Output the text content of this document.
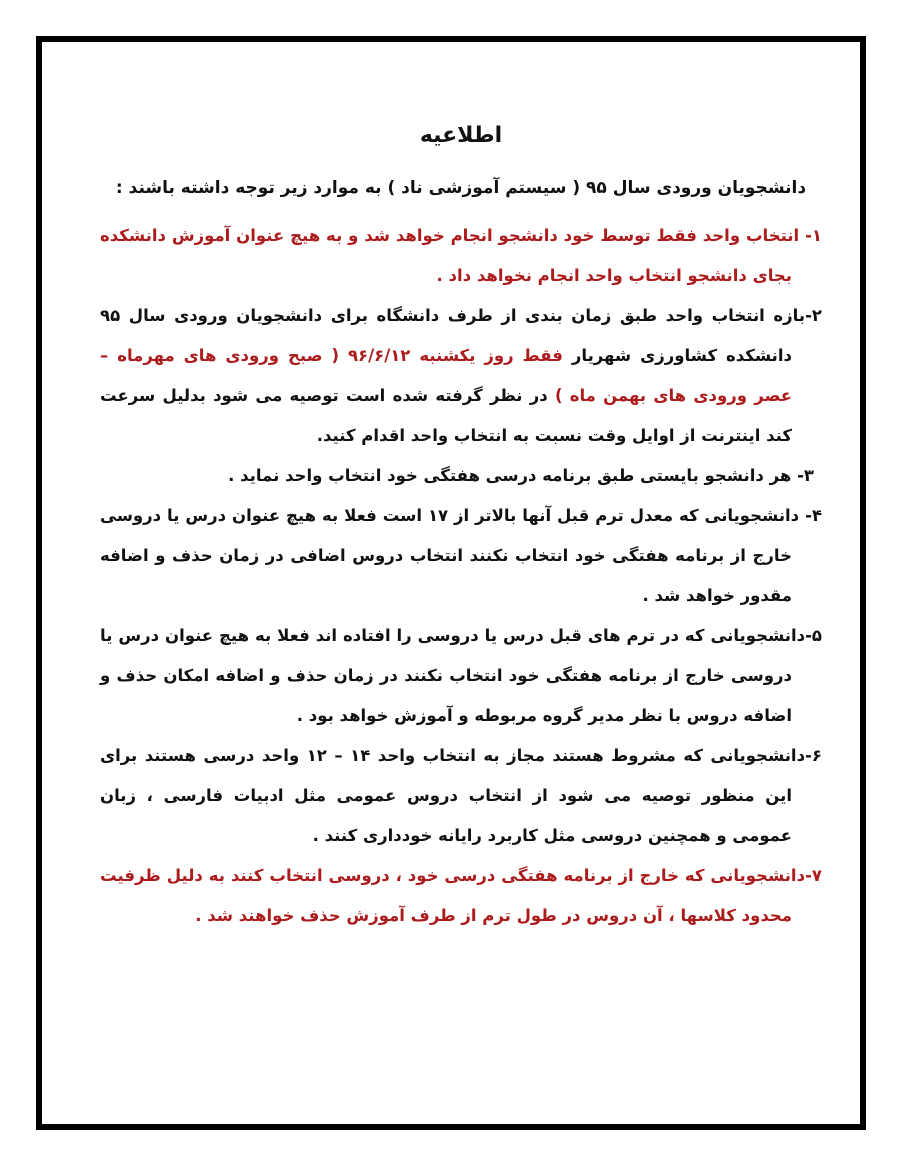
اطلاعیه
دانشجویان ورودی سال ۹۵ ( سیستم آموزشی ناد ) به موارد زیر توجه داشته باشند :
۱- انتخاب واحد فقط توسط خود دانشجو انجام خواهد شد و به هیچ عنوان آموزش دانشکده بجای دانشجو انتخاب واحد انجام نخواهد داد .
۲-بازه انتخاب واحد طبق زمان بندی از طرف دانشگاه برای دانشجویان ورودی سال ۹۵ دانشکده کشاورزی شهریار فقط روز یکشنبه ۹۶/۶/۱۲ ( صبح ورودی های مهرماه – عصر ورودی های بهمن ماه ) در نظر گرفته شده است توصیه می شود بدلیل سرعت کند اینترنت از اوایل وقت نسبت به انتخاب واحد اقدام کنید.
۳- هر دانشجو بایستی طبق برنامه درسی هفتگی خود انتخاب واحد نماید .
۴- دانشجویانی که معدل ترم قبل آنها بالاتر از ۱۷ است فعلا به هیچ عنوان درس یا دروسی خارج از برنامه هفتگی خود انتخاب نکنند انتخاب دروس اضافی در زمان حذف و اضافه مقدور خواهد شد .
۵-دانشجویانی که در ترم های قبل درس یا دروسی را افتاده اند فعلا به هیچ عنوان درس یا دروسی خارج از برنامه هفتگی خود انتخاب نکنند در زمان حذف و اضافه امکان حذف و اضافه دروس با نظر مدیر گروه مربوطه و آموزش خواهد بود .
۶-دانشجویانی که مشروط هستند مجاز به انتخاب واحد ۱۴ – ۱۲ واحد درسی هستند برای این منظور توصیه می شود از انتخاب دروس عمومی مثل ادبیات فارسی ، زبان عمومی و همچنین دروسی مثل کاربرد رایانه خودداری کنند .
۷-دانشجویانی که خارج از برنامه هفتگی درسی خود ، دروسی انتخاب کنند به دلیل ظرفیت محدود کلاسها ، آن دروس در طول ترم از طرف آموزش حذف خواهند شد .
